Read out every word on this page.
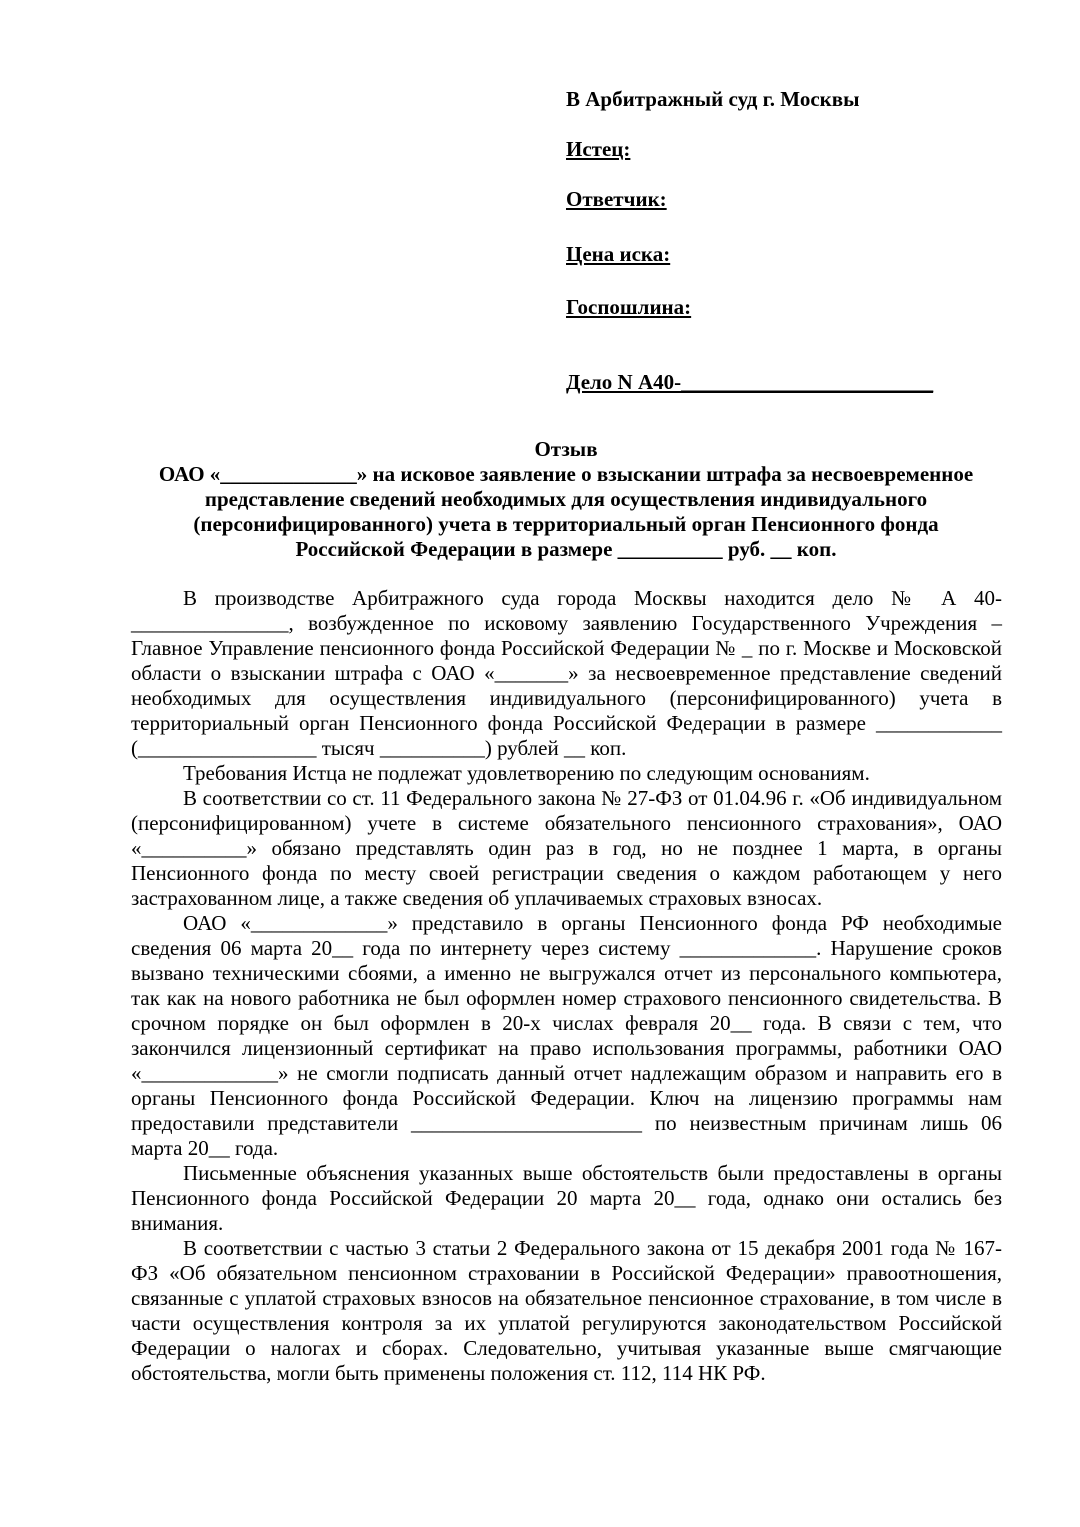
В Арбитражный суд г. Москвы
Истец:
Ответчик:
Цена иска:
Госпошлина:
Дело N А40-________________________
Отзыв
ОАО «_____________» на исковое заявление о взыскании штрафа за несвоевременное
представление сведений необходимых для осуществления индивидуального
(персонифицированного) учета в территориальный орган Пенсионного фонда
Российской Федерации в размере __________ руб. __ коп.

В производстве Арбитражного суда города Москвы находится дело № А 40-_______________, возбужденное по исковому заявлению Государственного Учреждения – Главное Управление пенсионного фонда Российской Федерации № _ по г. Москве и Московской области о взыскании штрафа с ОАО «_______» за несвоевременное представление сведений необходимых для осуществления индивидуального (персонифицированного) учета в территориальный орган Пенсионного фонда Российской Федерации в размере ____________ (_________________ тысяч __________) рублей __ коп.

Требования Истца не подлежат удовлетворению по следующим основаниям.

В соответствии со ст. 11 Федерального закона № 27-ФЗ от 01.04.96 г. «Об индивидуальном (персонифицированном) учете в системе обязательного пенсионного страхования», ОАО «__________» обязано представлять один раз в год, но не позднее 1 марта, в органы Пенсионного фонда по месту своей регистрации сведения о каждом работающем у него застрахованном лице, а также сведения об уплачиваемых страховых взносах.

ОАО «_____________» представило в органы Пенсионного фонда РФ необходимые сведения 06 марта 20__ года по интернету через систему _____________. Нарушение сроков вызвано техническими сбоями, а именно не выгружался отчет из персонального компьютера, так как на нового работника не был оформлен номер страхового пенсионного свидетельства. В срочном порядке он был оформлен в 20-х числах февраля 20__ года. В связи с тем, что закончился лицензионный сертификат на право использования программы, работники ОАО «_____________» не смогли подписать данный отчет надлежащим образом и направить его в органы Пенсионного фонда Российской Федерации. Ключ на лицензию программы нам предоставили представители ______________________ по неизвестным причинам лишь 06 марта 20__ года.

Письменные объяснения указанных выше обстоятельств были предоставлены в органы Пенсионного фонда Российской Федерации 20 марта 20__ года, однако они остались без внимания.

В соответствии с частью 3 статьи 2 Федерального закона от 15 декабря 2001 года № 167-ФЗ «Об обязательном пенсионном страховании в Российской Федерации» правоотношения, связанные с уплатой страховых взносов на обязательное пенсионное страхование, в том числе в части осуществления контроля за их уплатой регулируются законодательством Российской Федерации о налогах и сборах. Следовательно, учитывая указанные выше смягчающие обстоятельства, могли быть применены положения ст. 112, 114 НК РФ.
